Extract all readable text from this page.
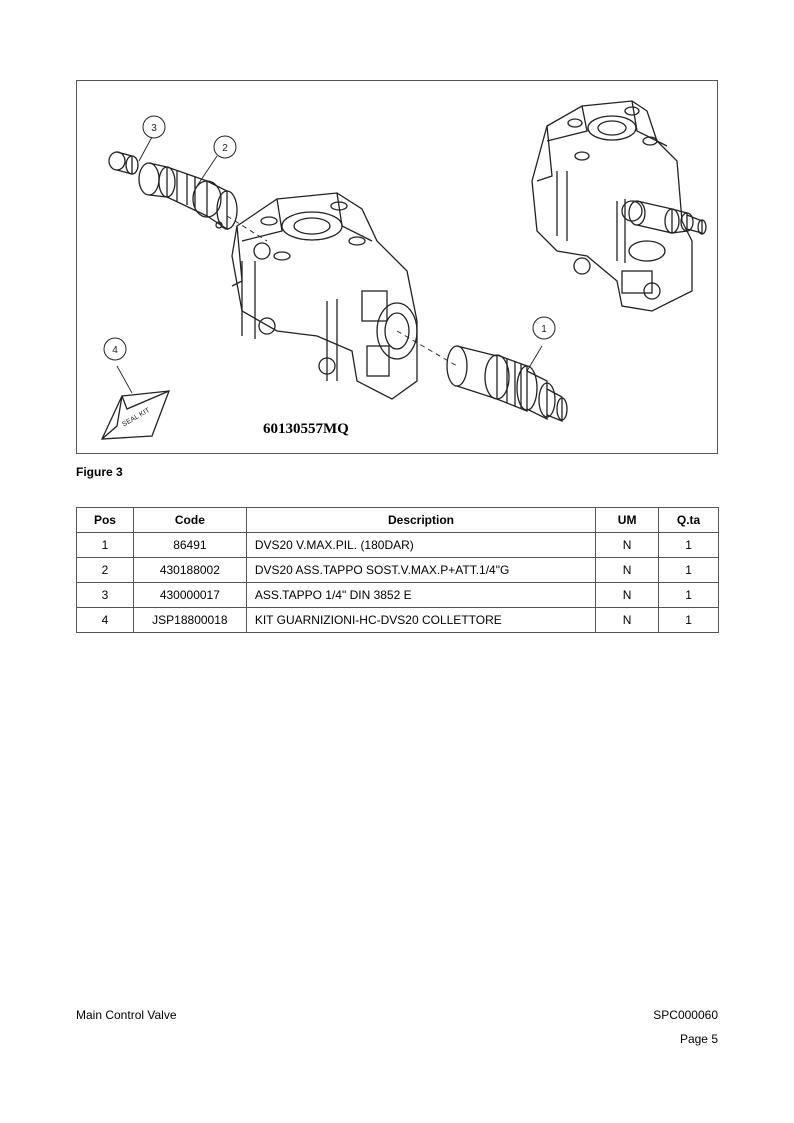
3
2
1
4
SEAL KIT
60130557MQ
Figure 3
Pos	Code	Description	UM	Q.ta
1	86491	DVS20 V.MAX.PIL. (180DAR)	N	1
2	430188002	DVS20 ASS.TAPPO SOST.V.MAX.P+ATT.1/4"G	N	1
3	430000017	ASS.TAPPO 1/4" DIN 3852 E	N	1
4	JSP18800018	KIT GUARNIZIONI-HC-DVS20 COLLETTORE	N	1
Main Control Valve	SPC000060
Page 5
